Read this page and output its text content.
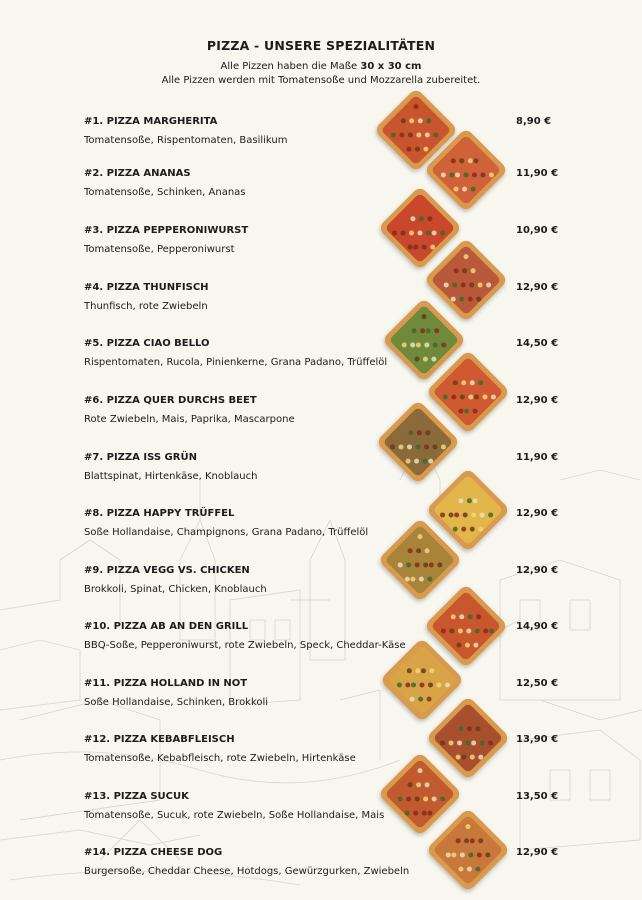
PIZZA - UNSERE SPEZIALITÄTEN
Alle Pizzen haben die Maße 30 x 30 cm
Alle Pizzen werden mit Tomatensoße und Mozzarella zubereitet.
#1. PIZZA MARGHERITA
Tomatensoße, Rispentomaten, Basilikum
8,90 €
#2. PIZZA ANANAS
Tomatensoße, Schinken, Ananas
11,90 €
#3. PIZZA PEPPERONIWURST
Tomatensoße, Pepperoniwurst
10,90 €
#4. PIZZA THUNFISCH
Thunfisch, rote Zwiebeln
12,90 €
#5. PIZZA CIAO BELLO
Rispentomaten, Rucola, Pinienkerne, Grana Padano, Trüffelöl
14,50 €
#6. PIZZA QUER DURCHS BEET
Rote Zwiebeln, Mais, Paprika, Mascarpone
12,90 €
#7. PIZZA ISS GRÜN
Blattspinat, Hirtenkäse, Knoblauch
11,90 €
#8. PIZZA HAPPY TRÜFFEL
Soße Hollandaise, Champignons, Grana Padano, Trüffelöl
12,90 €
#9. PIZZA VEGG VS. CHICKEN
Brokkoli, Spinat, Chicken, Knoblauch
12,90 €
#10. PIZZA AB AN DEN GRILL
BBQ-Soße, Pepperoniwurst, rote Zwiebeln, Speck, Cheddar-Käse
14,90 €
#11. PIZZA HOLLAND IN NOT
Soße Hollandaise, Schinken, Brokkoli
12,50 €
#12. PIZZA KEBABFLEISCH
Tomatensoße, Kebabfleisch, rote Zwiebeln, Hirtenkäse
13,90 €
#13. PIZZA SUCUK
Tomatensoße, Sucuk, rote Zwiebeln, Soße Hollandaise, Mais
13,50 €
#14. PIZZA CHEESE DOG
Burgersoße, Cheddar Cheese, Hotdogs, Gewürzgurken, Zwiebeln
12,90 €
